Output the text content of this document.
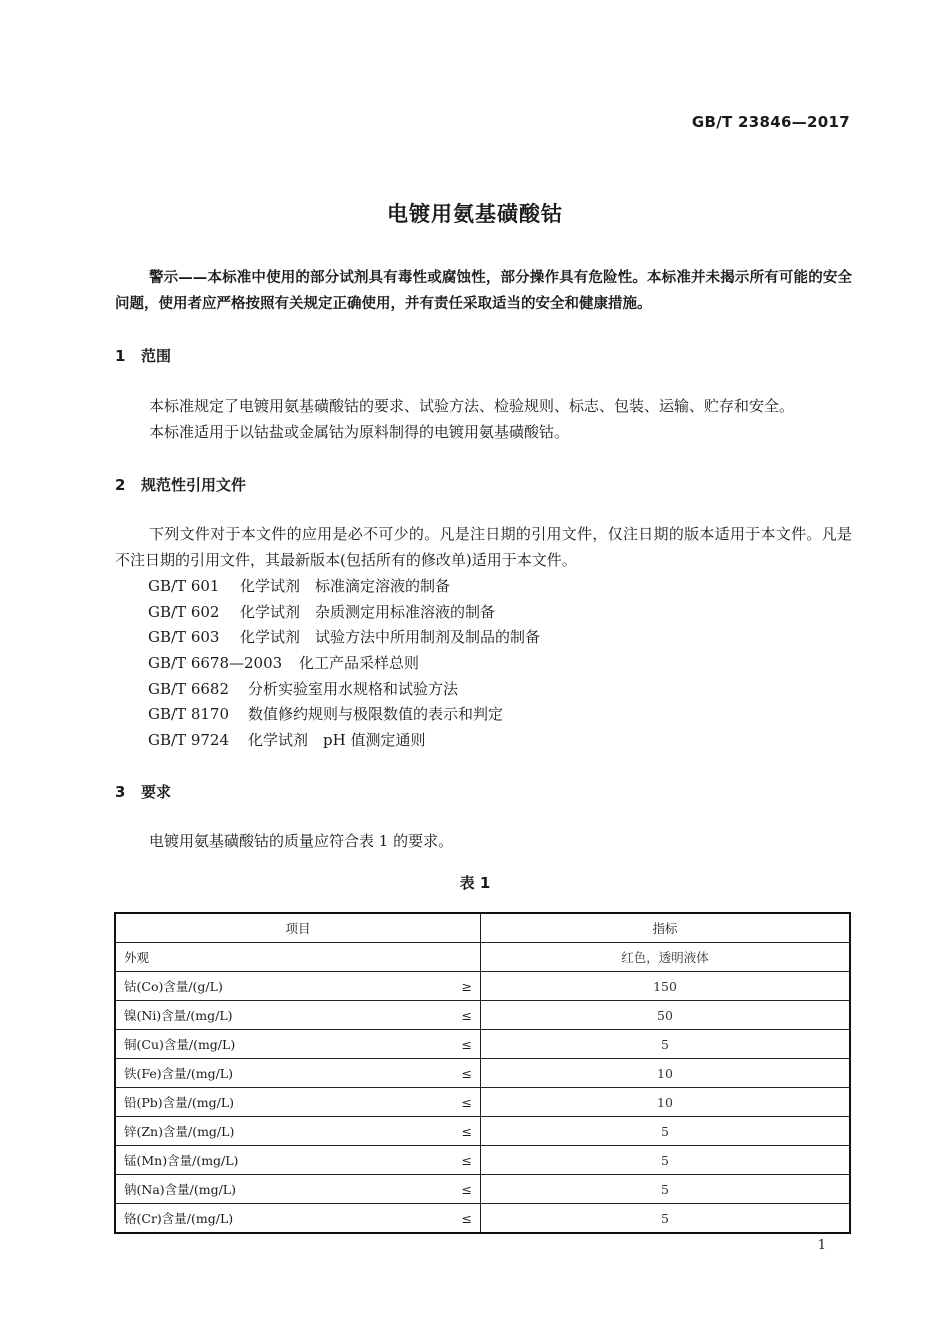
GB/T 23846—2017
电镀用氨基磺酸钴

警示——本标准中使用的部分试剂具有毒性或腐蚀性，部分操作具有危险性。本标准并未揭示所有可能的安全问题，使用者应严格按照有关规定正确使用，并有责任采取适当的安全和健康措施。

1 范围

本标准规定了电镀用氨基磺酸钴的要求、试验方法、检验规则、标志、包装、运输、贮存和安全。

本标准适用于以钴盐或金属钴为原料制得的电镀用氨基磺酸钴。

2 规范性引用文件

下列文件对于本文件的应用是必不可少的。凡是注日期的引用文件，仅注日期的版本适用于本文件。凡是不注日期的引用文件，其最新版本(包括所有的修改单)适用于本文件。

GB/T 601 化学试剂　标准滴定溶液的制备
GB/T 602 化学试剂　杂质测定用标准溶液的制备
GB/T 603 化学试剂　试验方法中所用制剂及制品的制备
GB/T 6678—2003 化工产品采样总则
GB/T 6682 分析实验室用水规格和试验方法
GB/T 8170 数值修约规则与极限数值的表示和判定
GB/T 9724 化学试剂　pH 值测定通则
3 要求

电镀用氨基磺酸钴的质量应符合表 1 的要求。

表 1
项目	指标

外观	红色，透明液体

钴(Co)含量/(g/L) ≥	150

镍(Ni)含量/(mg/L) ≤	50

铜(Cu)含量/(mg/L) ≤	5

铁(Fe)含量/(mg/L) ≤	10

铅(Pb)含量/(mg/L) ≤	10

锌(Zn)含量/(mg/L) ≤	5

锰(Mn)含量/(mg/L) ≤	5

钠(Na)含量/(mg/L) ≤	5

铬(Cr)含量/(mg/L) ≤	5
1
